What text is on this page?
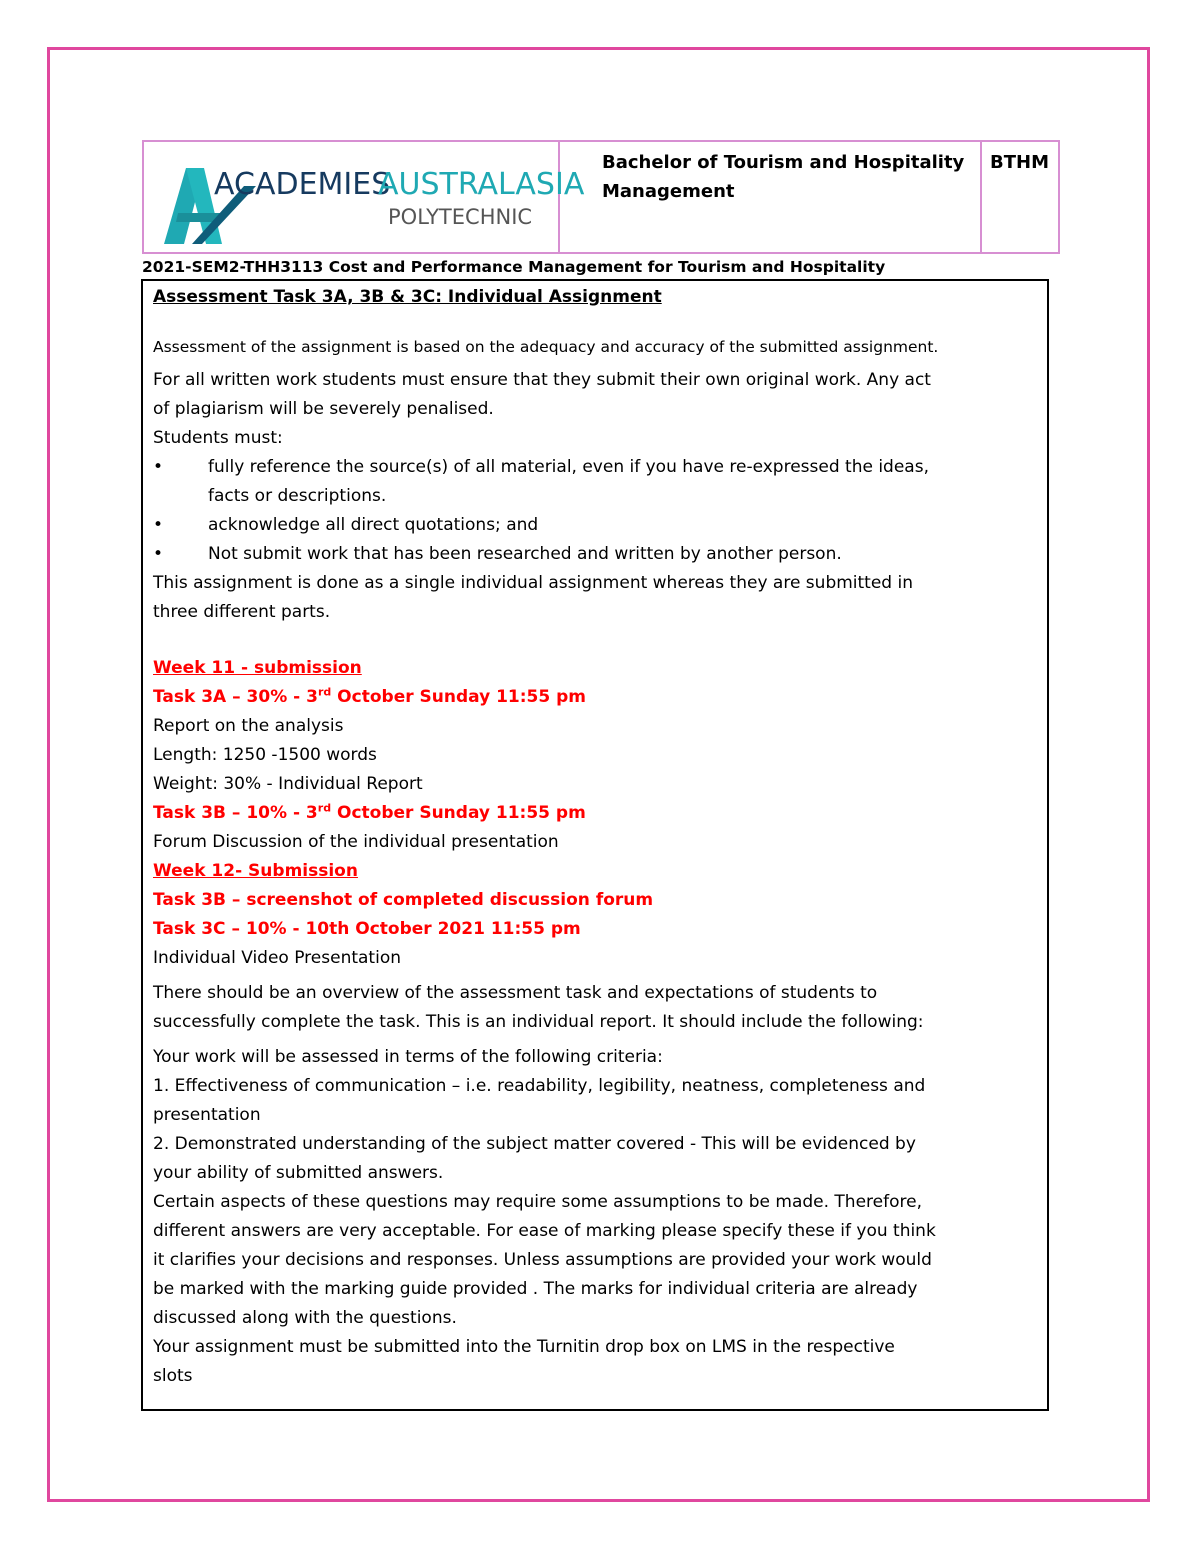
ACADEMIES
AUSTRALASIA
POLYTECHNIC
Bachelor of Tourism and Hospitality
Management
BTHM
2021-SEM2-THH3113 Cost and Performance Management for Tourism and Hospitality
Assessment Task 3A, 3B & 3C: Individual Assignment
Assessment of the assignment is based on the adequacy and accuracy of the submitted assignment.
For all written work students must ensure that they submit their own original work. Any act
of plagiarism will be severely penalised.
Students must:
•	fully reference the source(s) of all material, even if you have re-expressed the ideas,
facts or descriptions.
•	acknowledge all direct quotations; and
•	Not submit work that has been researched and written by another person.
This assignment is done as a single individual assignment whereas they are submitted in
three different parts.
Week 11 - submission
Task 3A – 30% - 3rd October Sunday 11:55 pm
Report on the analysis
Length: 1250 -1500 words
Weight: 30% - Individual Report
Task 3B – 10% - 3rd October Sunday 11:55 pm
Forum Discussion of the individual presentation
Week 12- Submission
Task 3B – screenshot of completed discussion forum
Task 3C – 10% - 10th October 2021 11:55 pm
Individual Video Presentation
There should be an overview of the assessment task and expectations of students to
successfully complete the task. This is an individual report. It should include the following:
Your work will be assessed in terms of the following criteria:
1. Effectiveness of communication – i.e. readability, legibility, neatness, completeness and
presentation
2. Demonstrated understanding of the subject matter covered - This will be evidenced by
your ability of submitted answers.
Certain aspects of these questions may require some assumptions to be made. Therefore,
different answers are very acceptable. For ease of marking please specify these if you think
it clarifies your decisions and responses. Unless assumptions are provided your work would
be marked with the marking guide provided . The marks for individual criteria are already
discussed along with the questions.
Your assignment must be submitted into the Turnitin drop box on LMS in the respective
slots
